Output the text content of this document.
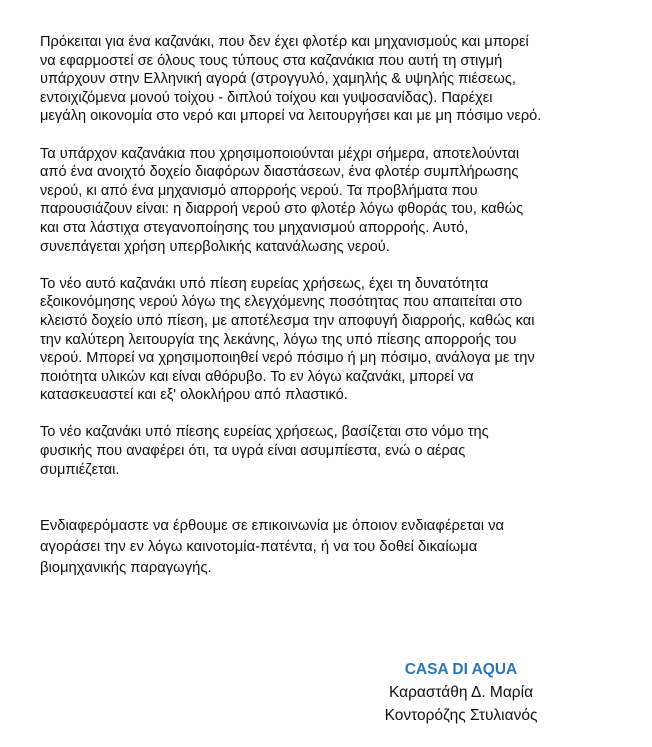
Πρόκειται για ένα καζανάκι, που δεν έχει φλοτέρ και μηχανισμούς και μπορεί
να εφαρμοστεί σε όλους τους τύπους στα καζανάκια που αυτή τη στιγμή
υπάρχουν στην Ελληνική αγορά (στρογγυλό, χαμηλής & υψηλής πιέσεως,
εντοιχιζόμενα μονού τοίχου - διπλού τοίχου και γυψοσανίδας). Παρέχει
μεγάλη οικονομία στο νερό και μπορεί να λειτουργήσει και με μη πόσιμο νερό.

Τα υπάρχον καζανάκια που χρησιμοποιούνται μέχρι σήμερα, αποτελούνται
από ένα ανοιχτό δοχείο διαφόρων διαστάσεων, ένα φλοτέρ συμπλήρωσης
νερού, κι από ένα μηχανισμό απορροής νερού. Τα προβλήματα που
παρουσιάζουν είναι: η διαρροή νερού στο φλοτέρ λόγω φθοράς του, καθώς
και στα λάστιχα στεγανοποίησης του μηχανισμού απορροής. Αυτό,
συνεπάγεται χρήση υπερβολικής κατανάλωσης νερού.

Το νέο αυτό καζανάκι υπό πίεση ευρείας χρήσεως, έχει τη δυνατότητα
εξοικονόμησης νερού λόγω της ελεγχόμενης ποσότητας που απαιτείται στο
κλειστό δοχείο υπό πίεση, με αποτέλεσμα την αποφυγή διαρροής, καθώς και
την καλύτερη λειτουργία της λεκάνης, λόγω της υπό πίεσης απορροής του
νερού. Μπορεί να χρησιμοποιηθεί νερό πόσιμο ή μη πόσιμο, ανάλογα με την
ποιότητα υλικών και είναι αθόρυβο. Το εν λόγω καζανάκι, μπορεί να
κατασκευαστεί και εξ' ολοκλήρου από πλαστικό.

Το νέο καζανάκι υπό πίεσης ευρείας χρήσεως, βασίζεται στο νόμο της
φυσικής που αναφέρει ότι, τα υγρά είναι ασυμπίεστα, ενώ ο αέρας
συμπιέζεται.

Ενδιαφερόμαστε να έρθουμε σε επικοινωνία με όποιον ενδιαφέρεται να
αγοράσει την εν λόγω καινοτομία-πατέντα, ή να του δοθεί δικαίωμα
βιομηχανικής παραγωγής.

CASA DI AQUA
Καραστάθη Δ. Μαρία
Κοντορόζης Στυλιανός
